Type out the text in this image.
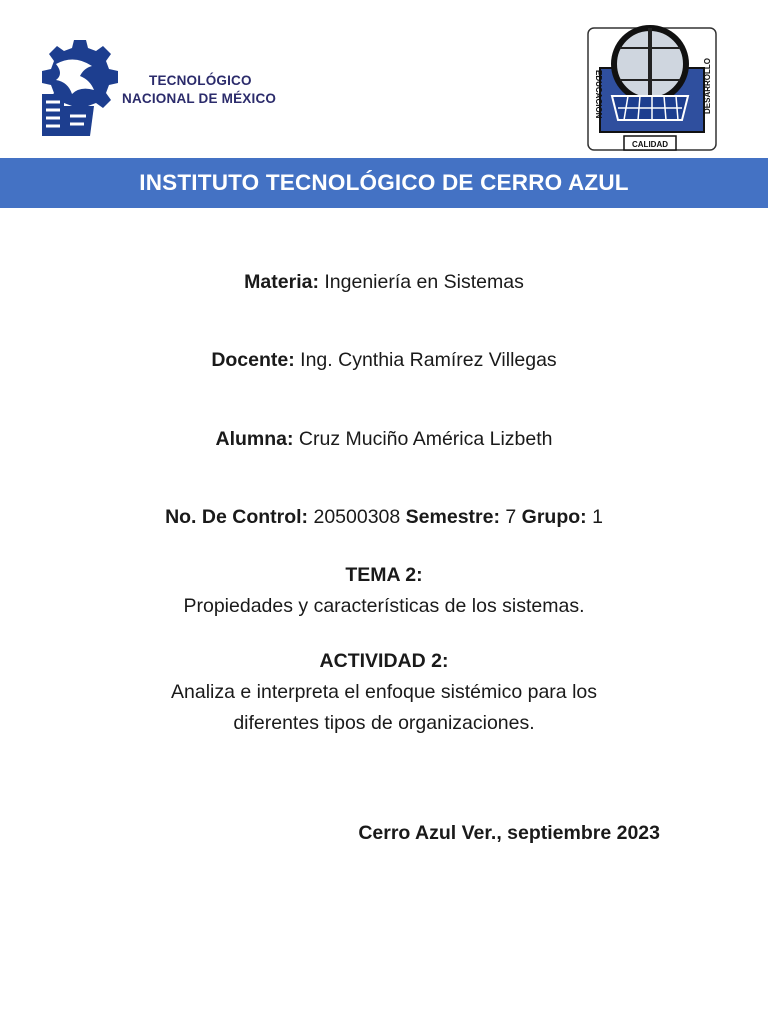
TECNOLÓGICO
NACIONAL DE MÉXICO
CALIDAD
EDUCACION	DESARROLLO
INSTITUTO TECNOLÓGICO DE CERRO AZUL
Materia: Ingeniería en Sistemas
Docente: Ing. Cynthia Ramírez Villegas
Alumna: Cruz Muciño América Lizbeth
No. De Control: 20500308 Semestre: 7 Grupo: 1
TEMA 2:
Propiedades y características de los sistemas.
ACTIVIDAD 2:
Analiza e interpreta el enfoque sistémico para los
diferentes tipos de organizaciones.
Cerro Azul Ver., septiembre 2023
